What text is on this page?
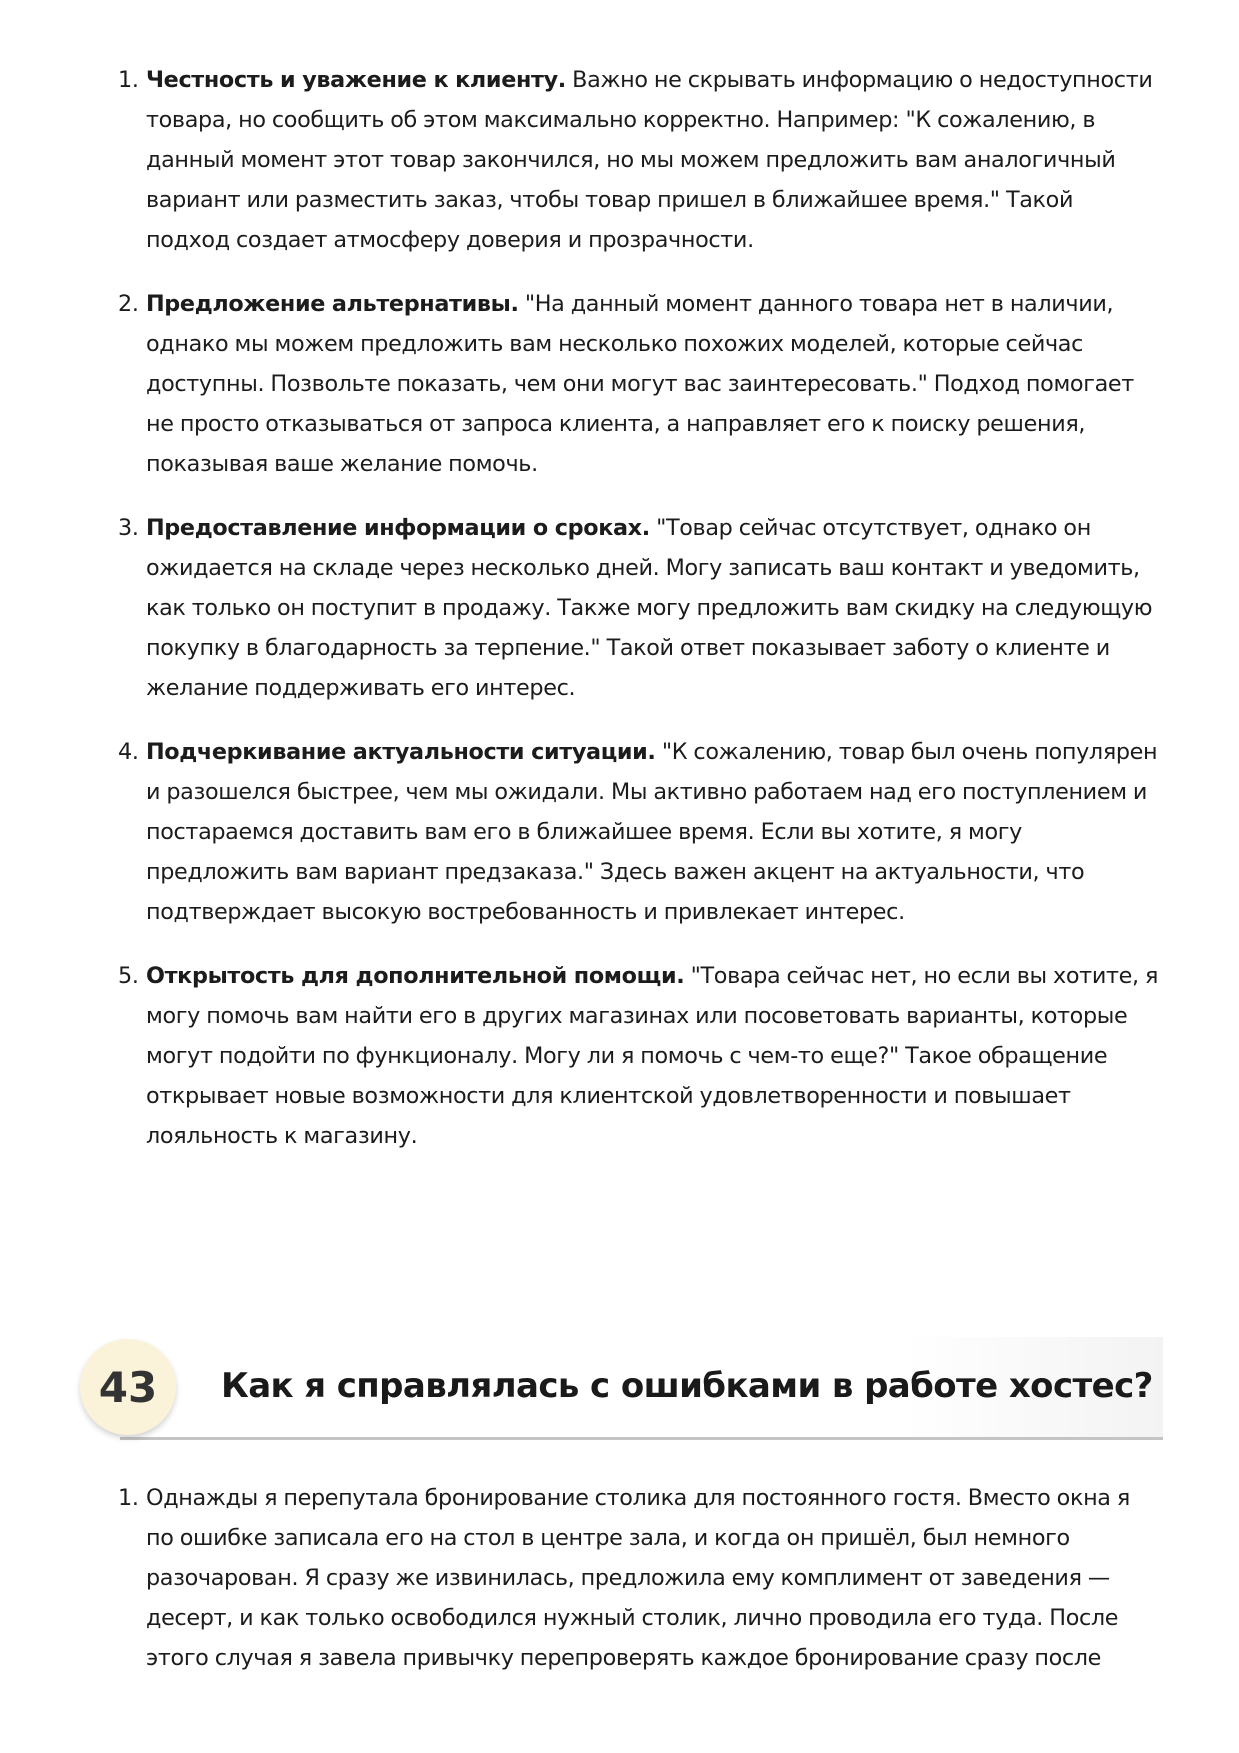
1. Честность и уважение к клиенту. Важно не скрывать информацию о недоступности
товара, но сообщить об этом максимально корректно. Например: "К сожалению, в
данный момент этот товар закончился, но мы можем предложить вам аналогичный
вариант или разместить заказ, чтобы товар пришел в ближайшее время." Такой
подход создает атмосферу доверия и прозрачности.
2. Предложение альтернативы. "На данный момент данного товара нет в наличии,
однако мы можем предложить вам несколько похожих моделей, которые сейчас
доступны. Позвольте показать, чем они могут вас заинтересовать." Подход помогает
не просто отказываться от запроса клиента, а направляет его к поиску решения,
показывая ваше желание помочь.
3. Предоставление информации о сроках. "Товар сейчас отсутствует, однако он
ожидается на складе через несколько дней. Могу записать ваш контакт и уведомить,
как только он поступит в продажу. Также могу предложить вам скидку на следующую
покупку в благодарность за терпение." Такой ответ показывает заботу о клиенте и
желание поддерживать его интерес.
4. Подчеркивание актуальности ситуации. "К сожалению, товар был очень популярен
и разошелся быстрее, чем мы ожидали. Мы активно работаем над его поступлением и
постараемся доставить вам его в ближайшее время. Если вы хотите, я могу
предложить вам вариант предзаказа." Здесь важен акцент на актуальности, что
подтверждает высокую востребованность и привлекает интерес.
5. Открытость для дополнительной помощи. "Товара сейчас нет, но если вы хотите, я
могу помочь вам найти его в других магазинах или посоветовать варианты, которые
могут подойти по функционалу. Могу ли я помочь с чем-то еще?" Такое обращение
открывает новые возможности для клиентской удовлетворенности и повышает
лояльность к магазину.
43	Как я справлялась с ошибками в работе хостес?
1. Однажды я перепутала бронирование столика для постоянного гостя. Вместо окна я
по ошибке записала его на стол в центре зала, и когда он пришёл, был немного
разочарован. Я сразу же извинилась, предложила ему комплимент от заведения —
десерт, и как только освободился нужный столик, лично проводила его туда. После
этого случая я завела привычку перепроверять каждое бронирование сразу после
